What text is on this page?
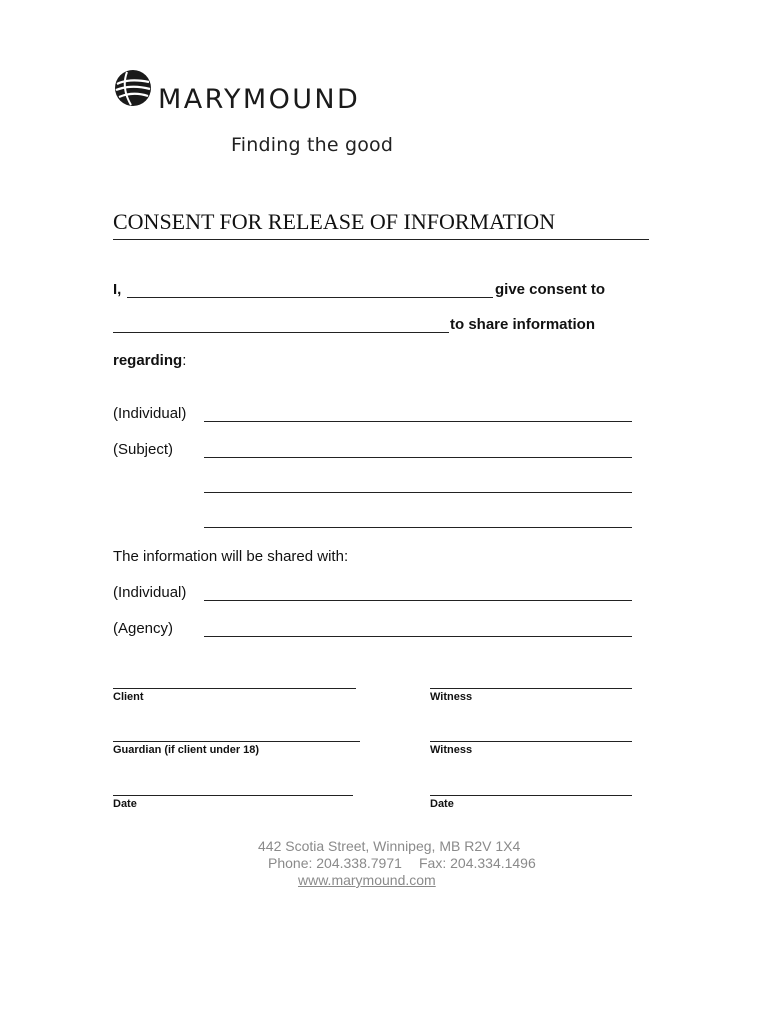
MARYMOUND
Finding the good
CONSENT FOR RELEASE OF INFORMATION
I,	give consent to
to share information
regarding:
(Individual)
(Subject)
The information will be shared with:
(Individual)
(Agency)
Client	Witness
Guardian (if client under 18)	Witness
Date	Date
442 Scotia Street, Winnipeg, MB R2V 1X4
Phone: 204.338.7971 Fax: 204.334.1496
www.marymound.com
